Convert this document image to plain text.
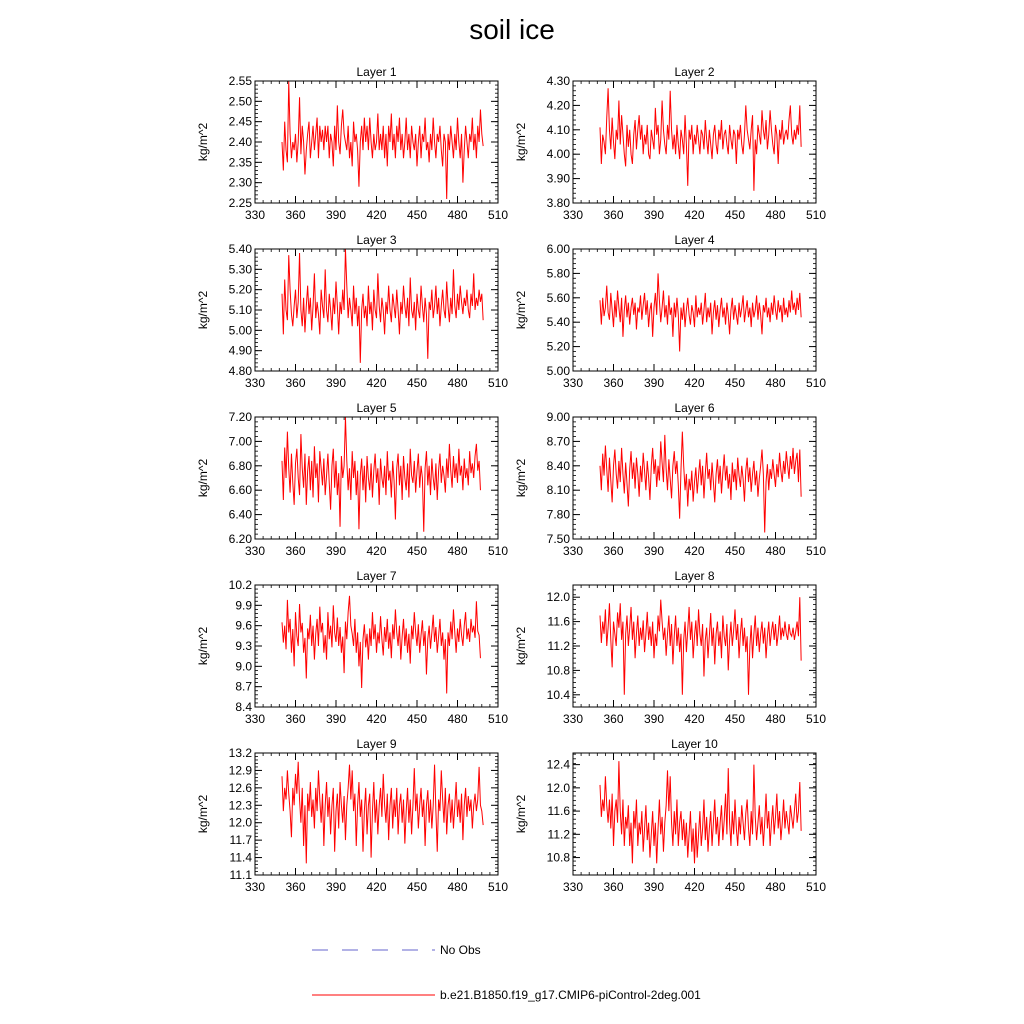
soil ice
Layer 1
330 360 390 420 450 480 510
2.25
2.30
2.35
2.40
2.45
2.50
2.55
kg/m^2
Layer 2
330 360 390 420 450 480 510
3.80
3.90
4.00
4.10
4.20
4.30
kg/m^2
Layer 3
330 360 390 420 450 480 510
4.80
4.90
5.00
5.10
5.20
5.30
5.40
kg/m^2
Layer 4
330 360 390 420 450 480 510
5.00
5.20
5.40
5.60
5.80
6.00
kg/m^2
Layer 5
330 360 390 420 450 480 510
6.20
6.40
6.60
6.80
7.00
7.20
kg/m^2
Layer 6
330 360 390 420 450 480 510
7.50
7.80
8.10
8.40
8.70
9.00
kg/m^2
Layer 7
330 360 390 420 450 480 510
8.4
8.7
9.0
9.3
9.6
9.9
10.2
kg/m^2
Layer 8
330 360 390 420 450 480 510
10.4
10.8
11.2
11.6
12.0
kg/m^2
Layer 9
330 360 390 420 450 480 510
11.1
11.4
11.7
12.0
12.3
12.6
12.9
13.2
kg/m^2
Layer 10
330 360 390 420 450 480 510
10.8
11.2
11.6
12.0
12.4
kg/m^2
No Obs
b.e21.B1850.f19_g17.CMIP6-piControl-2deg.001
